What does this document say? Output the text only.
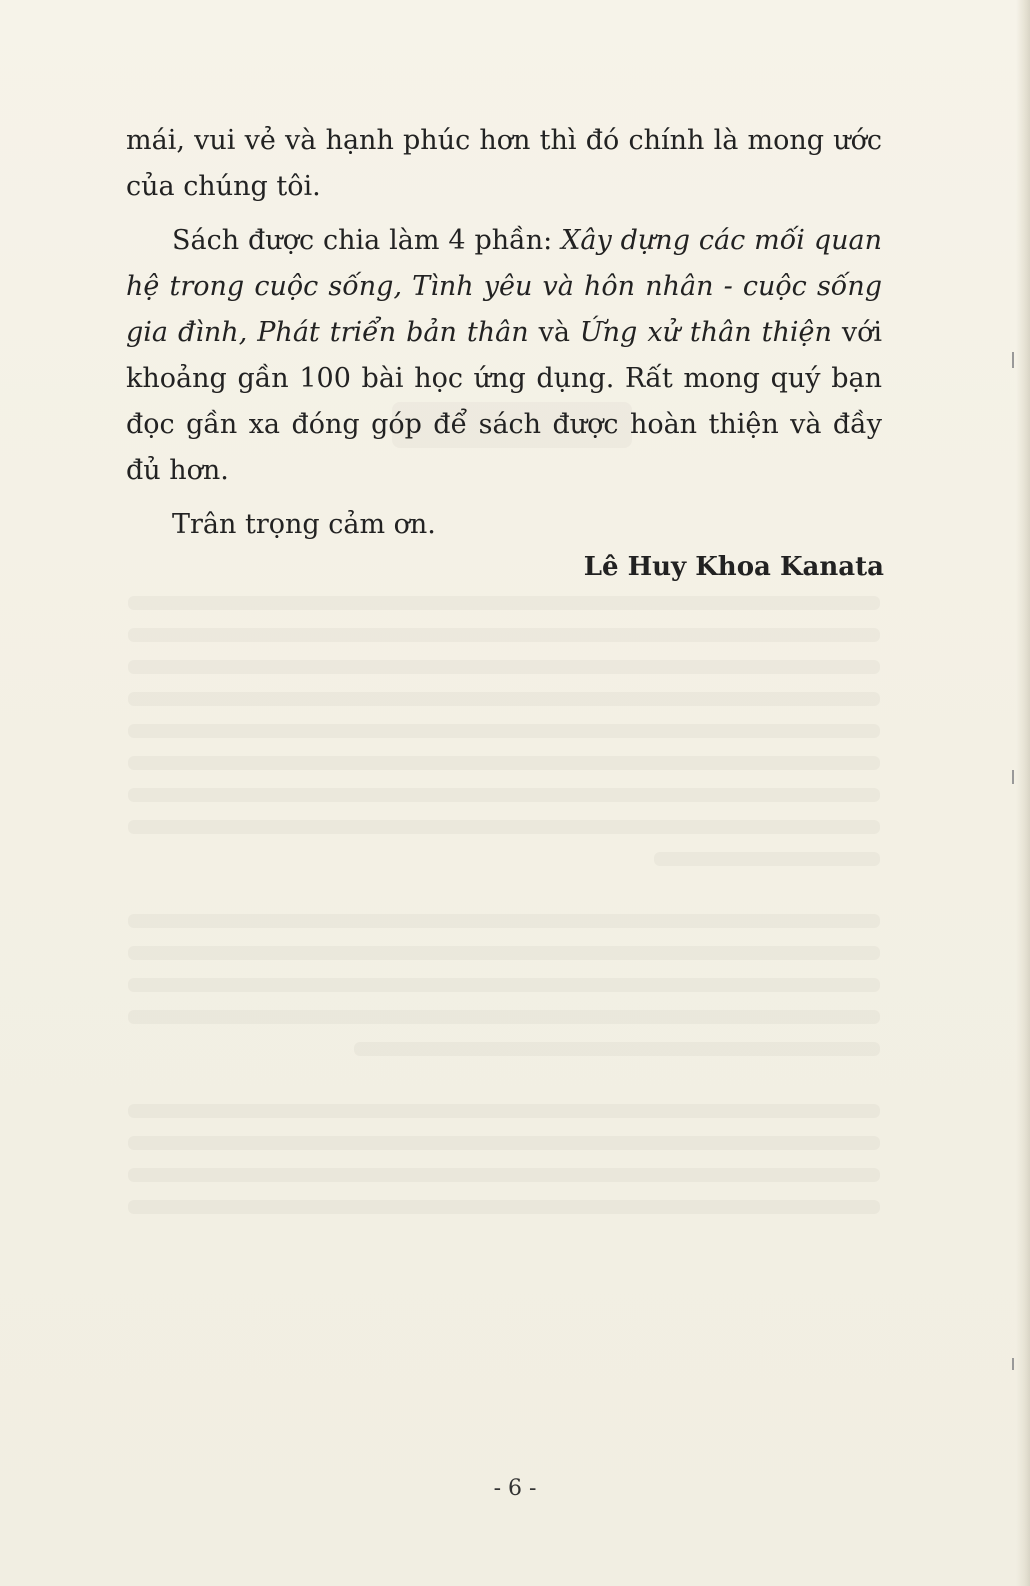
mái, vui vẻ và hạnh phúc hơn thì đó chính là mong ước của chúng tôi.

Sách được chia làm 4 phần: Xây dựng các mối quan hệ trong cuộc sống, Tình yêu và hôn nhân - cuộc sống gia đình, Phát triển bản thân và Ứng xử thân thiện với khoảng gần 100 bài học ứng dụng. Rất mong quý bạn đọc gần xa đóng góp để sách được hoàn thiện và đầy đủ hơn.

Trân trọng cảm ơn.

Lê Huy Khoa Kanata
- 6 -
